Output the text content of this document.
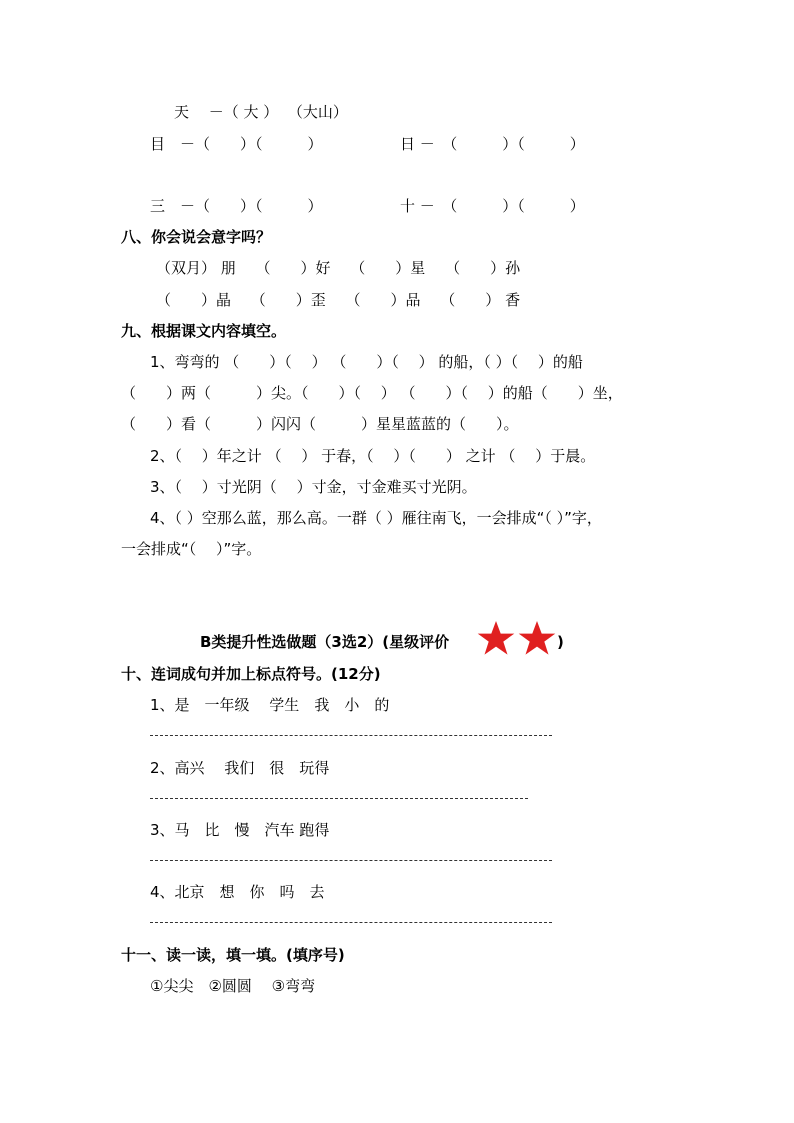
天　 －（ 大 ）  （大山）
目　－（　　）（　　　）	日 －　（　　　）（　　　）
三　－（　　）（　　　）	十 －　（　　　）（　　　）
八、你会说会意字吗？
（双月） 朋　 （　　）好　 （　　）星　 （　　）孙
（　　）晶　 （　　）歪　 （　　）品　 （　　） 香
九、根据课文内容填空。
1、弯弯的 （　　）（　 ） （　　）（　 ） 的船，（ ）（　 ）的船
（　　）两（　　　）尖。（　　）（　 ） （　　）（　 ）的船（　　）坐，
（　　）看（　　　）闪闪（　　　）星星蓝蓝的（　　）。
2、（　 ）年之计 （　 ） 于春，（　 ）（　　） 之计 （　 ）于晨。
3、（　 ）寸光阴（　 ）寸金，寸金难买寸光阴。
4、（ ）空那么蓝，那么高。一群（ ）雁往南飞，一会排成“（ ）”字，
一会排成“（　 ）”字。
B类提升性选做题（3选2）(星级评价	)
十、连词成句并加上标点符号。(12分)
1、是　一年级　 学生　我　小　的
2、高兴　 我们　很　玩得
3、马　比　慢　汽车 跑得
4、北京　想　你　吗　去
十一、读一读，填一填。(填序号)
①尖尖　②圆圆　 ③弯弯
